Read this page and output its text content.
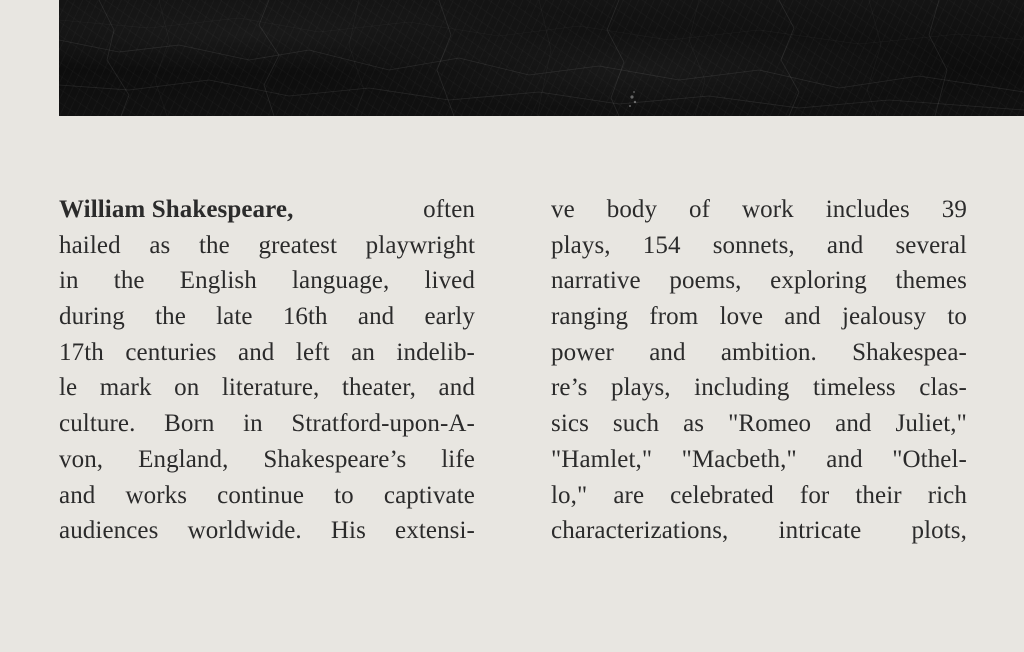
William Shakespeare,	often
hailed as the greatest playwright
in the English language, lived
during the late 16th and early
17th centuries and left an indelib-
le mark on literature, theater, and
culture. Born in Stratford-upon-A-
von, England, Shakespeare’s life
and works continue to captivate
audiences worldwide. His extensi-
ve body of work includes 39
plays, 154 sonnets, and several
narrative poems, exploring themes
ranging from love and jealousy to
power and ambition. Shakespea-
re’s plays, including timeless clas-
sics such as "Romeo and Juliet,"
"Hamlet," "Macbeth," and "Othel-
lo," are celebrated for their rich
characterizations, intricate plots,
